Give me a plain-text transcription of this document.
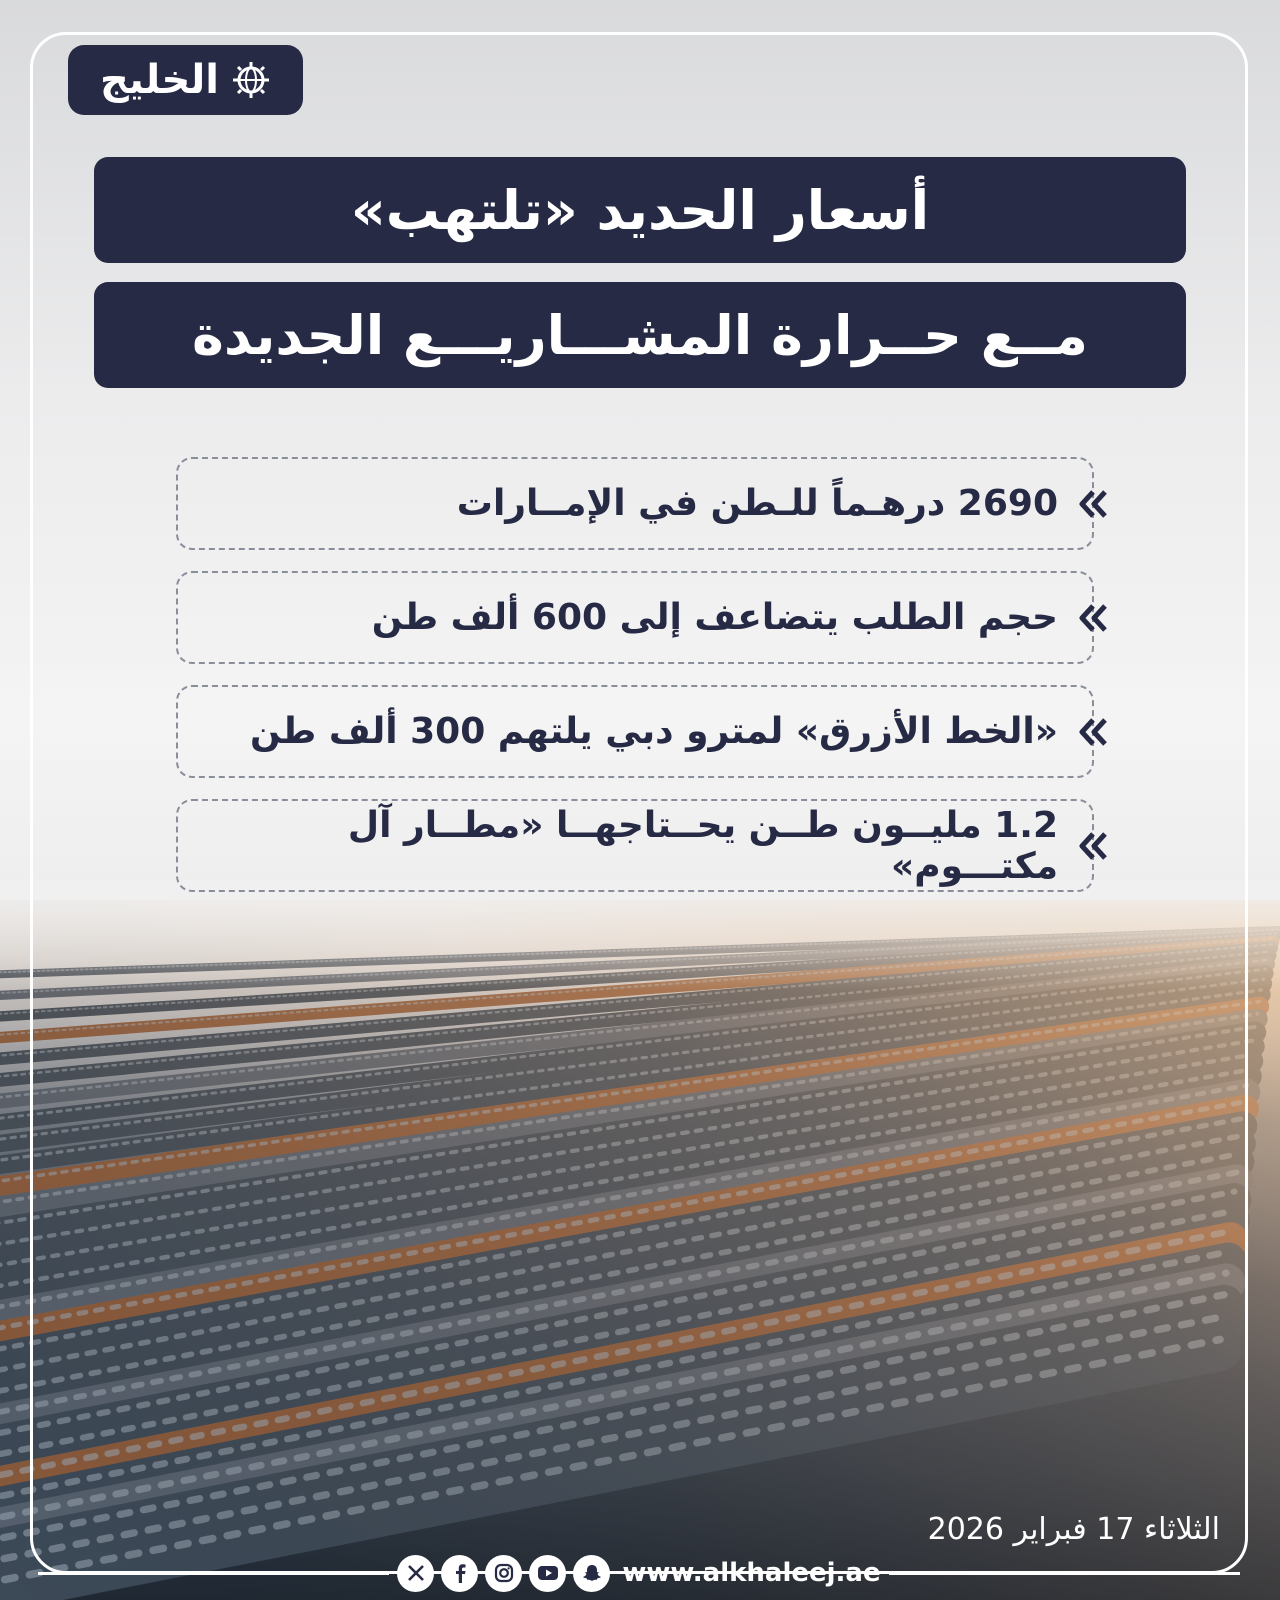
الخليج
أسعار الحديد «تلتهب»
مــع حــرارة المشـــاريـــع الجديدة
2690 درهـماً للـطن في الإمــارات
حجم الطلب يتضاعف إلى 600 ألف طن
«الخط الأزرق» لمترو دبي يلتهم 300 ألف طن
1.2 مليــون طــن يحــتاجهــا «مطــار آل مكتـــوم»
الثلاثاء 17 فبراير 2026
www.alkhaleej.ae
